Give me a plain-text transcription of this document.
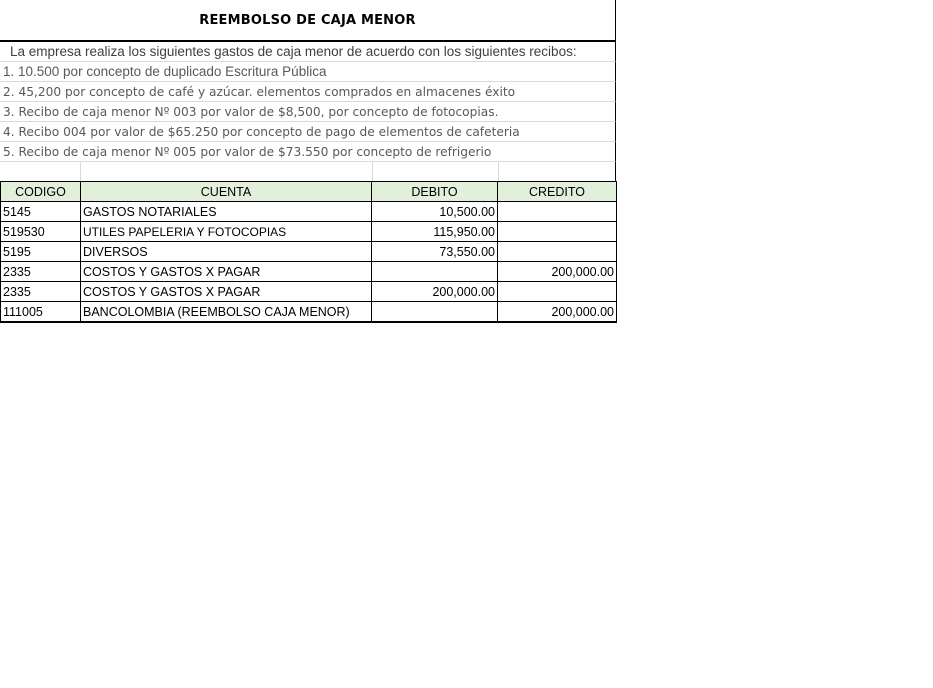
REEMBOLSO DE CAJA MENOR
La empresa realiza los siguientes gastos de caja menor de acuerdo con los siguientes recibos:
1. 10.500 por concepto de duplicado Escritura Pública
2. 45,200 por concepto de café y azúcar. elementos comprados en almacenes éxito
3. Recibo de caja menor Nº 003 por valor de $8,500, por concepto de fotocopias.
4. Recibo 004 por valor de $65.250 por concepto de pago de elementos de cafeteria
5. Recibo de caja menor Nº 005 por valor de $73.550 por concepto de refrigerio
CODIGO	CUENTA	DEBITO	CREDITO
5145	GASTOS NOTARIALES	10,500.00	
519530	UTILES PAPELERIA Y FOTOCOPIAS	115,950.00	
5195	DIVERSOS	73,550.00	
2335	COSTOS Y GASTOS X PAGAR		200,000.00
2335	COSTOS Y GASTOS X PAGAR	200,000.00	
111005	BANCOLOMBIA (REEMBOLSO CAJA MENOR)		200,000.00
